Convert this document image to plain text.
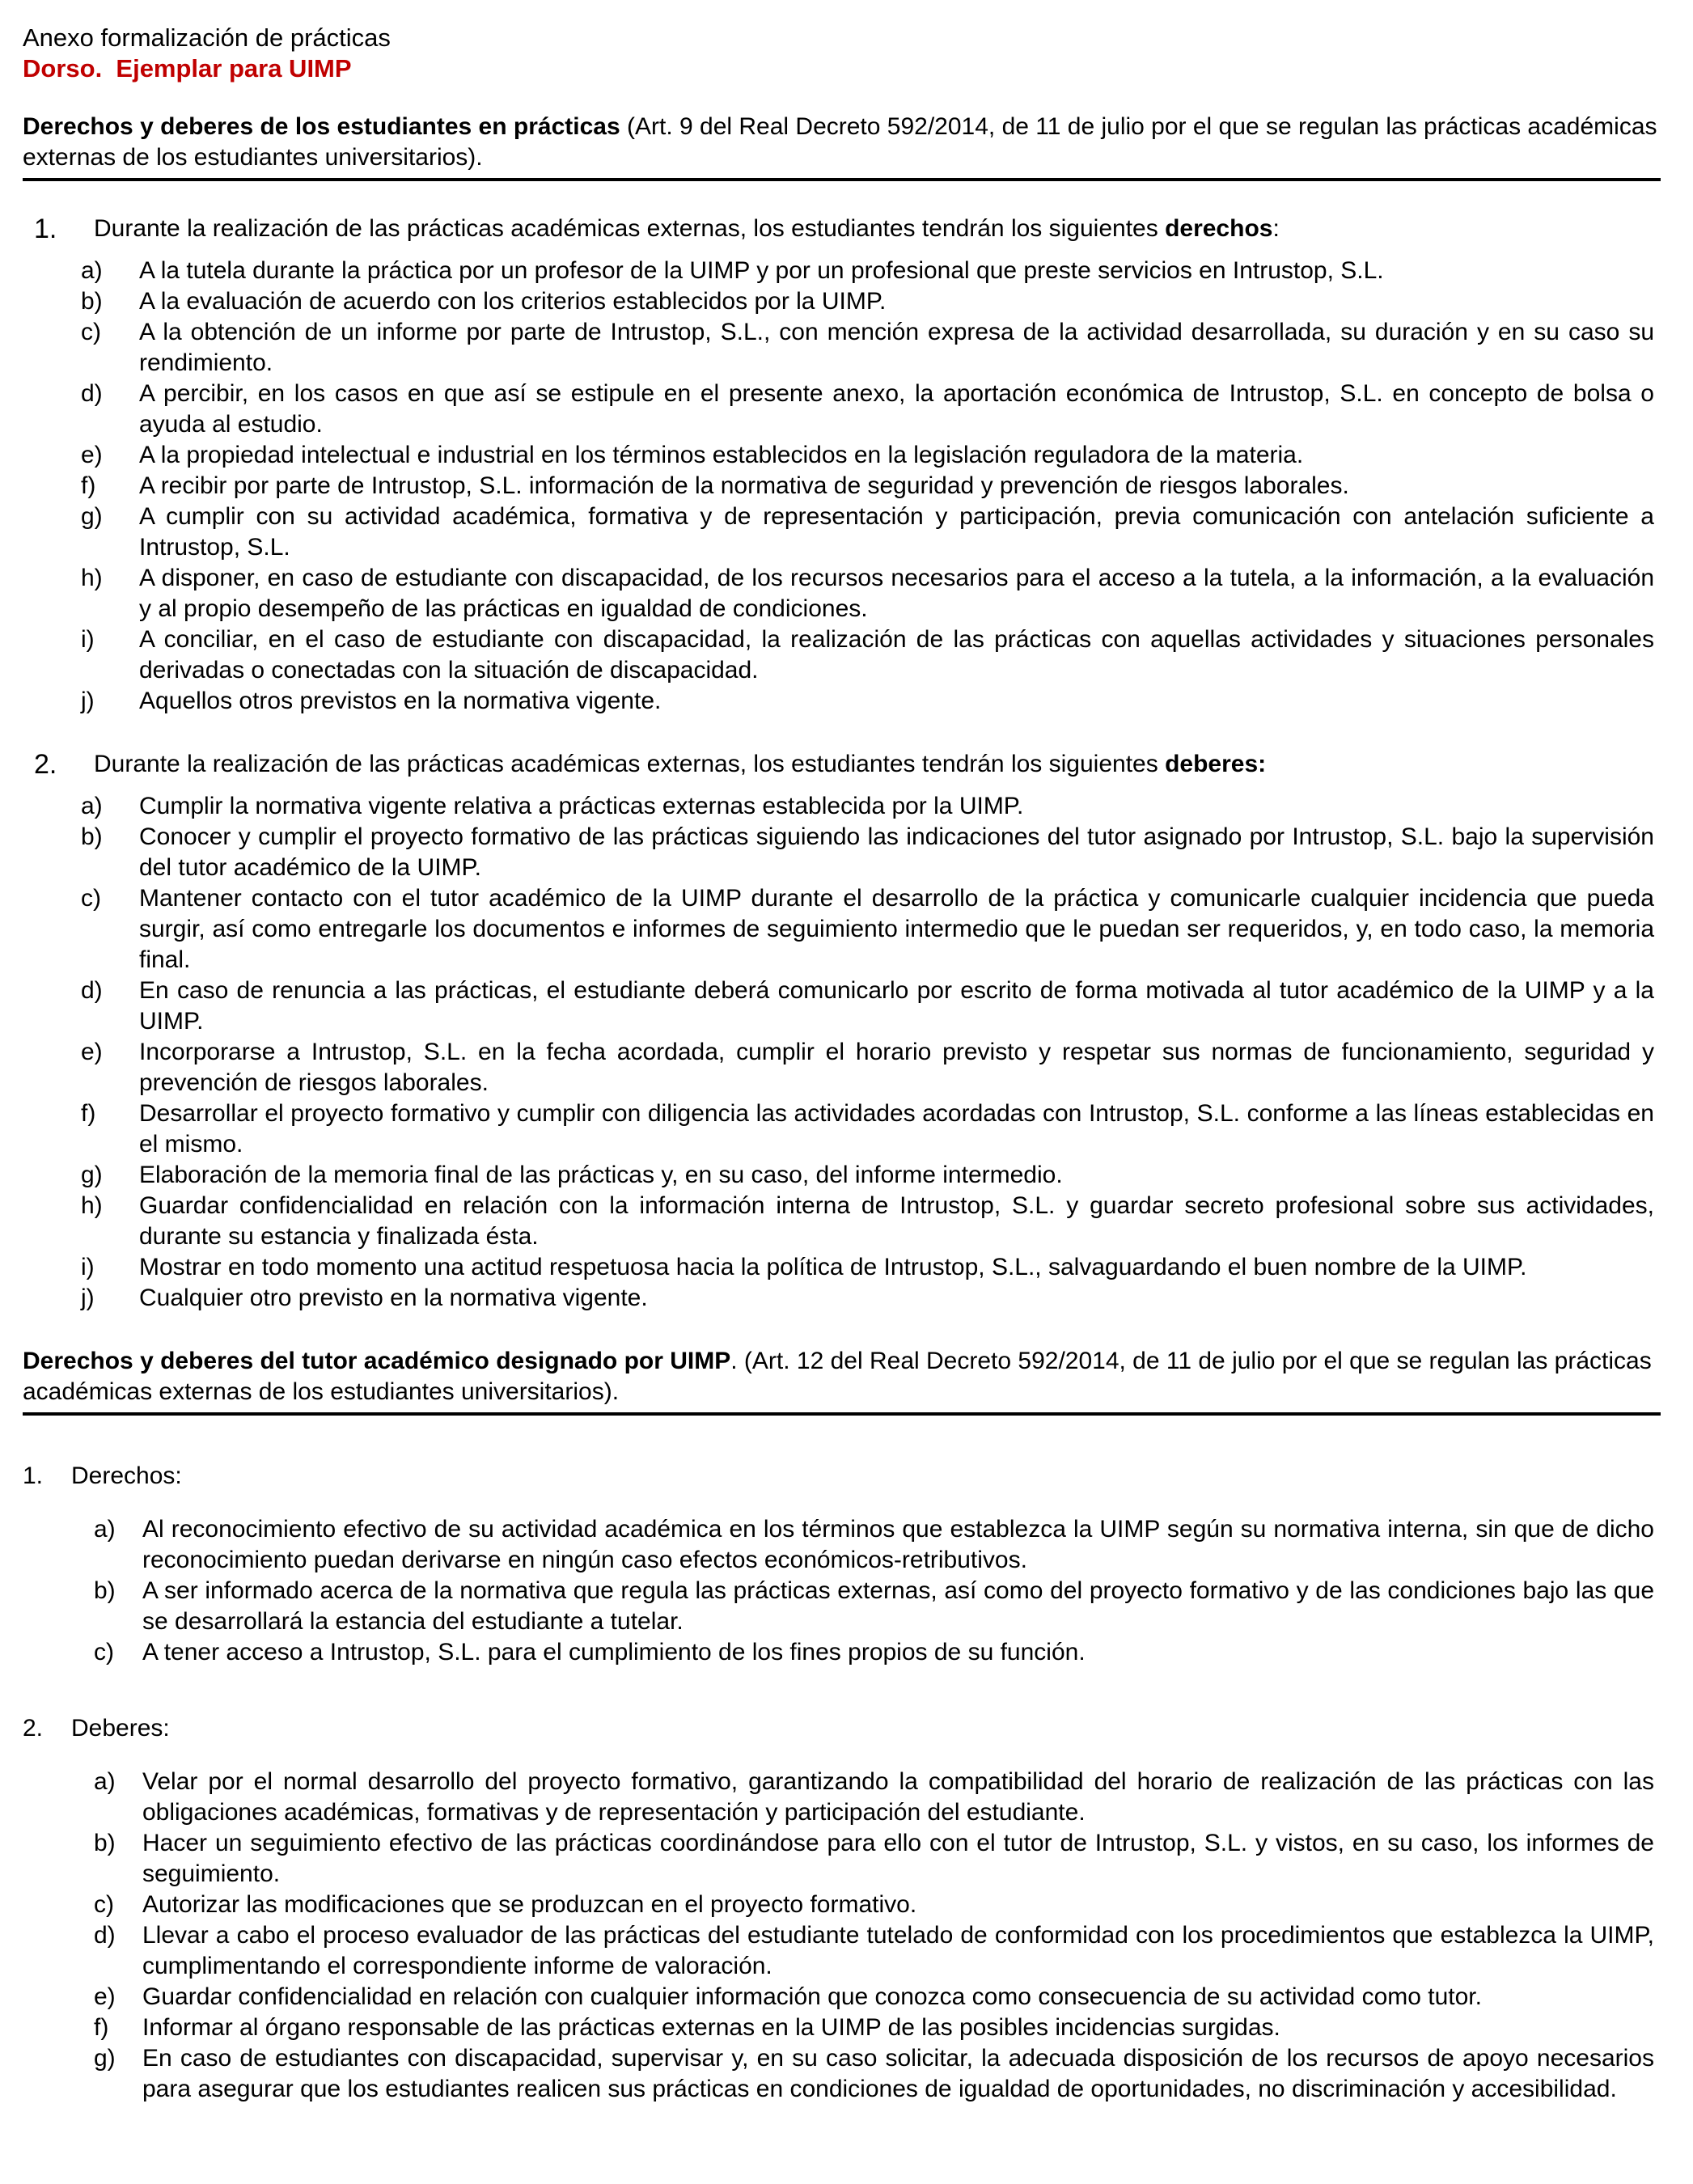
Anexo formalización de prácticas
Dorso.  Ejemplar para UIMP

Derechos y deberes de los estudiantes en prácticas (Art. 9 del Real Decreto 592/2014, de 11 de julio por el que se regulan las prácticas académicas externas de los estudiantes universitarios).

1.	Durante la realización de las prácticas académicas externas, los estudiantes tendrán los siguientes derechos:
a)	A la tutela durante la práctica por un profesor de la UIMP y por un profesional que preste servicios en Intrustop, S.L.
b)	A la evaluación de acuerdo con los criterios establecidos por la UIMP.
c)	A la obtención de un informe por parte de Intrustop, S.L., con mención expresa de la actividad desarrollada, su duración y en su caso su rendimiento.
d)	A percibir, en los casos en que así se estipule en el presente anexo, la aportación económica de Intrustop, S.L. en concepto de bolsa o ayuda al estudio.
e)	A la propiedad intelectual e industrial en los términos establecidos en la legislación reguladora de la materia.
f)	A recibir por parte de Intrustop, S.L. información de la normativa de seguridad y prevención de riesgos laborales.
g)	A cumplir con su actividad académica, formativa y de representación y participación, previa comunicación con antelación suficiente a Intrustop, S.L.
h)	A disponer, en caso de estudiante con discapacidad, de los recursos necesarios para el acceso a la tutela, a la información, a la evaluación y al propio desempeño de las prácticas en igualdad de condiciones.
i)	A conciliar, en el caso de estudiante con discapacidad, la realización de las prácticas con aquellas actividades y situaciones personales derivadas o conectadas con la situación de discapacidad.
j)	Aquellos otros previstos en la normativa vigente.
2.	Durante la realización de las prácticas académicas externas, los estudiantes tendrán los siguientes deberes:
a)	Cumplir la normativa vigente relativa a prácticas externas establecida por la UIMP.
b)	Conocer y cumplir el proyecto formativo de las prácticas siguiendo las indicaciones del tutor asignado por Intrustop, S.L. bajo la supervisión del tutor académico de la UIMP.
c)	Mantener contacto con el tutor académico de la UIMP durante el desarrollo de la práctica y comunicarle cualquier incidencia que pueda surgir, así como entregarle los documentos e informes de seguimiento intermedio que le puedan ser requeridos, y, en todo caso, la memoria final.
d)	En caso de renuncia a las prácticas, el estudiante deberá comunicarlo por escrito de forma motivada al tutor académico de la UIMP y a la UIMP.
e)	Incorporarse a Intrustop, S.L. en la fecha acordada, cumplir el horario previsto y respetar sus normas de funcionamiento, seguridad y prevención de riesgos laborales.
f)	Desarrollar el proyecto formativo y cumplir con diligencia las actividades acordadas con Intrustop, S.L. conforme a las líneas establecidas en el mismo.
g)	Elaboración de la memoria final de las prácticas y, en su caso, del informe intermedio.
h)	Guardar confidencialidad en relación con la información interna de Intrustop, S.L. y guardar secreto profesional sobre sus actividades, durante su estancia y finalizada ésta.
i)	Mostrar en todo momento una actitud respetuosa hacia la política de Intrustop, S.L., salvaguardando el buen nombre de la UIMP.
j)	Cualquier otro previsto en la normativa vigente.

Derechos y deberes del tutor académico designado por UIMP. (Art. 12 del Real Decreto 592/2014, de 11 de julio por el que se regulan las prácticas académicas externas de los estudiantes universitarios).

1.	Derechos:
a)	Al reconocimiento efectivo de su actividad académica en los términos que establezca la UIMP según su normativa interna, sin que de dicho reconocimiento puedan derivarse en ningún caso efectos económicos-retributivos.
b)	A ser informado acerca de la normativa que regula las prácticas externas, así como del proyecto formativo y de las condiciones bajo las que se desarrollará la estancia del estudiante a tutelar.
c)	A tener acceso a Intrustop, S.L. para el cumplimiento de los fines propios de su función.
2.	Deberes:
a)	Velar por el normal desarrollo del proyecto formativo, garantizando la compatibilidad del horario de realización de las prácticas con las obligaciones académicas, formativas y de representación y participación del estudiante.
b)	Hacer un seguimiento efectivo de las prácticas coordinándose para ello con el tutor de Intrustop, S.L. y vistos, en su caso, los informes de seguimiento.
c)	Autorizar las modificaciones que se produzcan en el proyecto formativo.
d)	Llevar a cabo el proceso evaluador de las prácticas del estudiante tutelado de conformidad con los procedimientos que establezca la UIMP, cumplimentando el correspondiente informe de valoración.
e)	Guardar confidencialidad en relación con cualquier información que conozca como consecuencia de su actividad como tutor.
f)	Informar al órgano responsable de las prácticas externas en la UIMP de las posibles incidencias surgidas.
g)	En caso de estudiantes con discapacidad, supervisar y, en su caso solicitar, la adecuada disposición de los recursos de apoyo necesarios para asegurar que los estudiantes realicen sus prácticas en condiciones de igualdad de oportunidades, no discriminación y accesibilidad.
